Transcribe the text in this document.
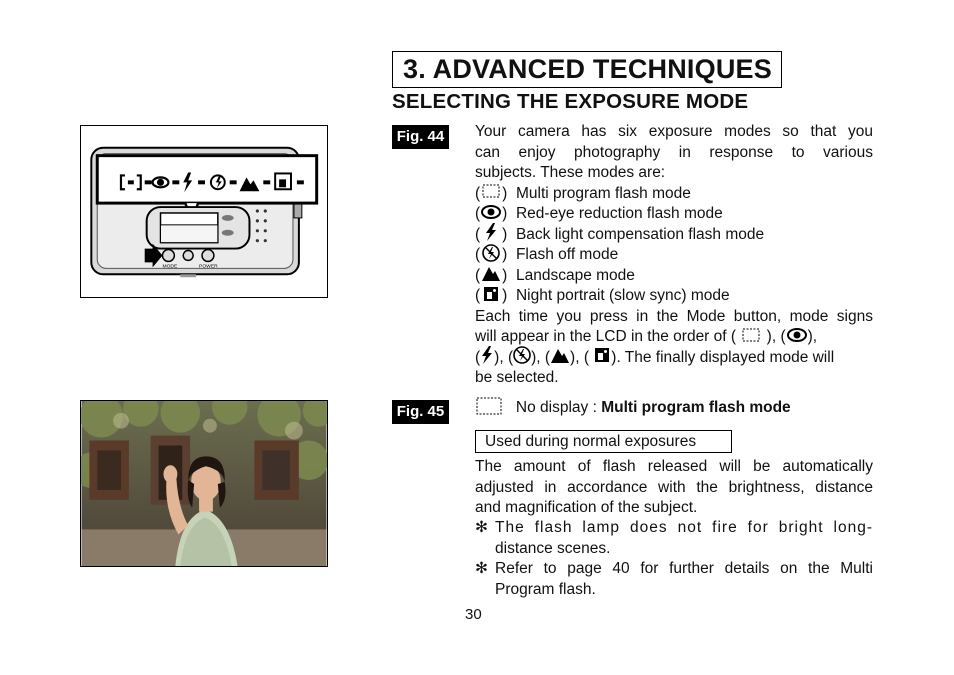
3. ADVANCED TECHNIQUES
SELECTING THE EXPOSURE MODE
Fig. 44
Fig. 45
MODE	POWER
Your camera has six exposure modes so that you
can enjoy photography in response to various
subjects. These modes are:
( ) Multi program flash mode
( ) Red-eye reduction flash mode
( ) Back light compensation flash mode
( ) Flash off mode
( ) Landscape mode
( ) Night portrait (slow sync) mode
Each time you press in the Mode button, mode signs
will appear in the LCD in the order of (
), ( ),
( ), ( ), ( ), (
). The finally displayed mode will
be selected.
No display : Multi program flash mode
Used during normal exposures
The amount of flash released will be automatically
adjusted in accordance with the brightness, distance
and magnification of the subject.
✻ The flash lamp does not fire for bright long-
distance scenes.
✻ Refer to page 40 for further details on the Multi
Program flash.
30
